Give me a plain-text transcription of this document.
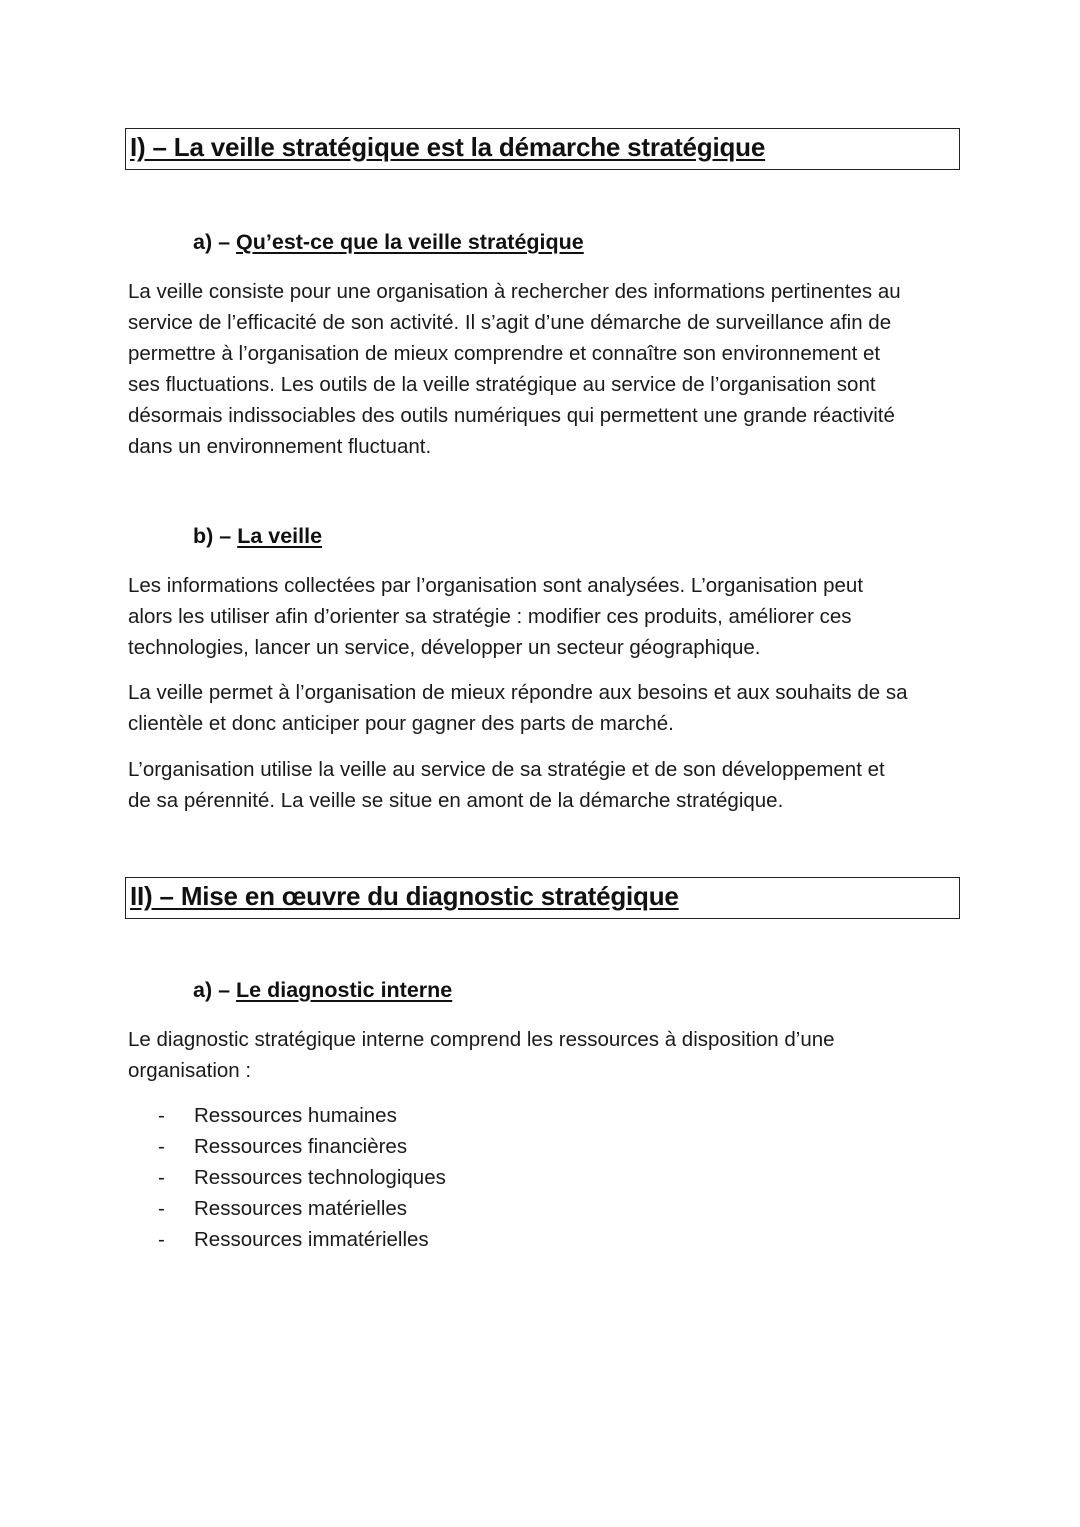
I) – La veille stratégique est la démarche stratégique
a) – Qu’est-ce que la veille stratégique
La veille consiste pour une organisation à rechercher des informations pertinentes au
service de l’efficacité de son activité. Il s’agit d’une démarche de surveillance afin de
permettre à l’organisation de mieux comprendre et connaître son environnement et
ses fluctuations. Les outils de la veille stratégique au service de l’organisation sont
désormais indissociables des outils numériques qui permettent une grande réactivité
dans un environnement fluctuant.
b) – La veille
Les informations collectées par l’organisation sont analysées. L’organisation peut
alors les utiliser afin d’orienter sa stratégie : modifier ces produits, améliorer ces
technologies, lancer un service, développer un secteur géographique.
La veille permet à l’organisation de mieux répondre aux besoins et aux souhaits de sa
clientèle et donc anticiper pour gagner des parts de marché.
L’organisation utilise la veille au service de sa stratégie et de son développement et
de sa pérennité. La veille se situe en amont de la démarche stratégique.
II) – Mise en œuvre du diagnostic stratégique
a) – Le diagnostic interne
Le diagnostic stratégique interne comprend les ressources à disposition d’une
organisation :
- Ressources humaines
- Ressources financières
- Ressources technologiques
- Ressources matérielles
- Ressources immatérielles
